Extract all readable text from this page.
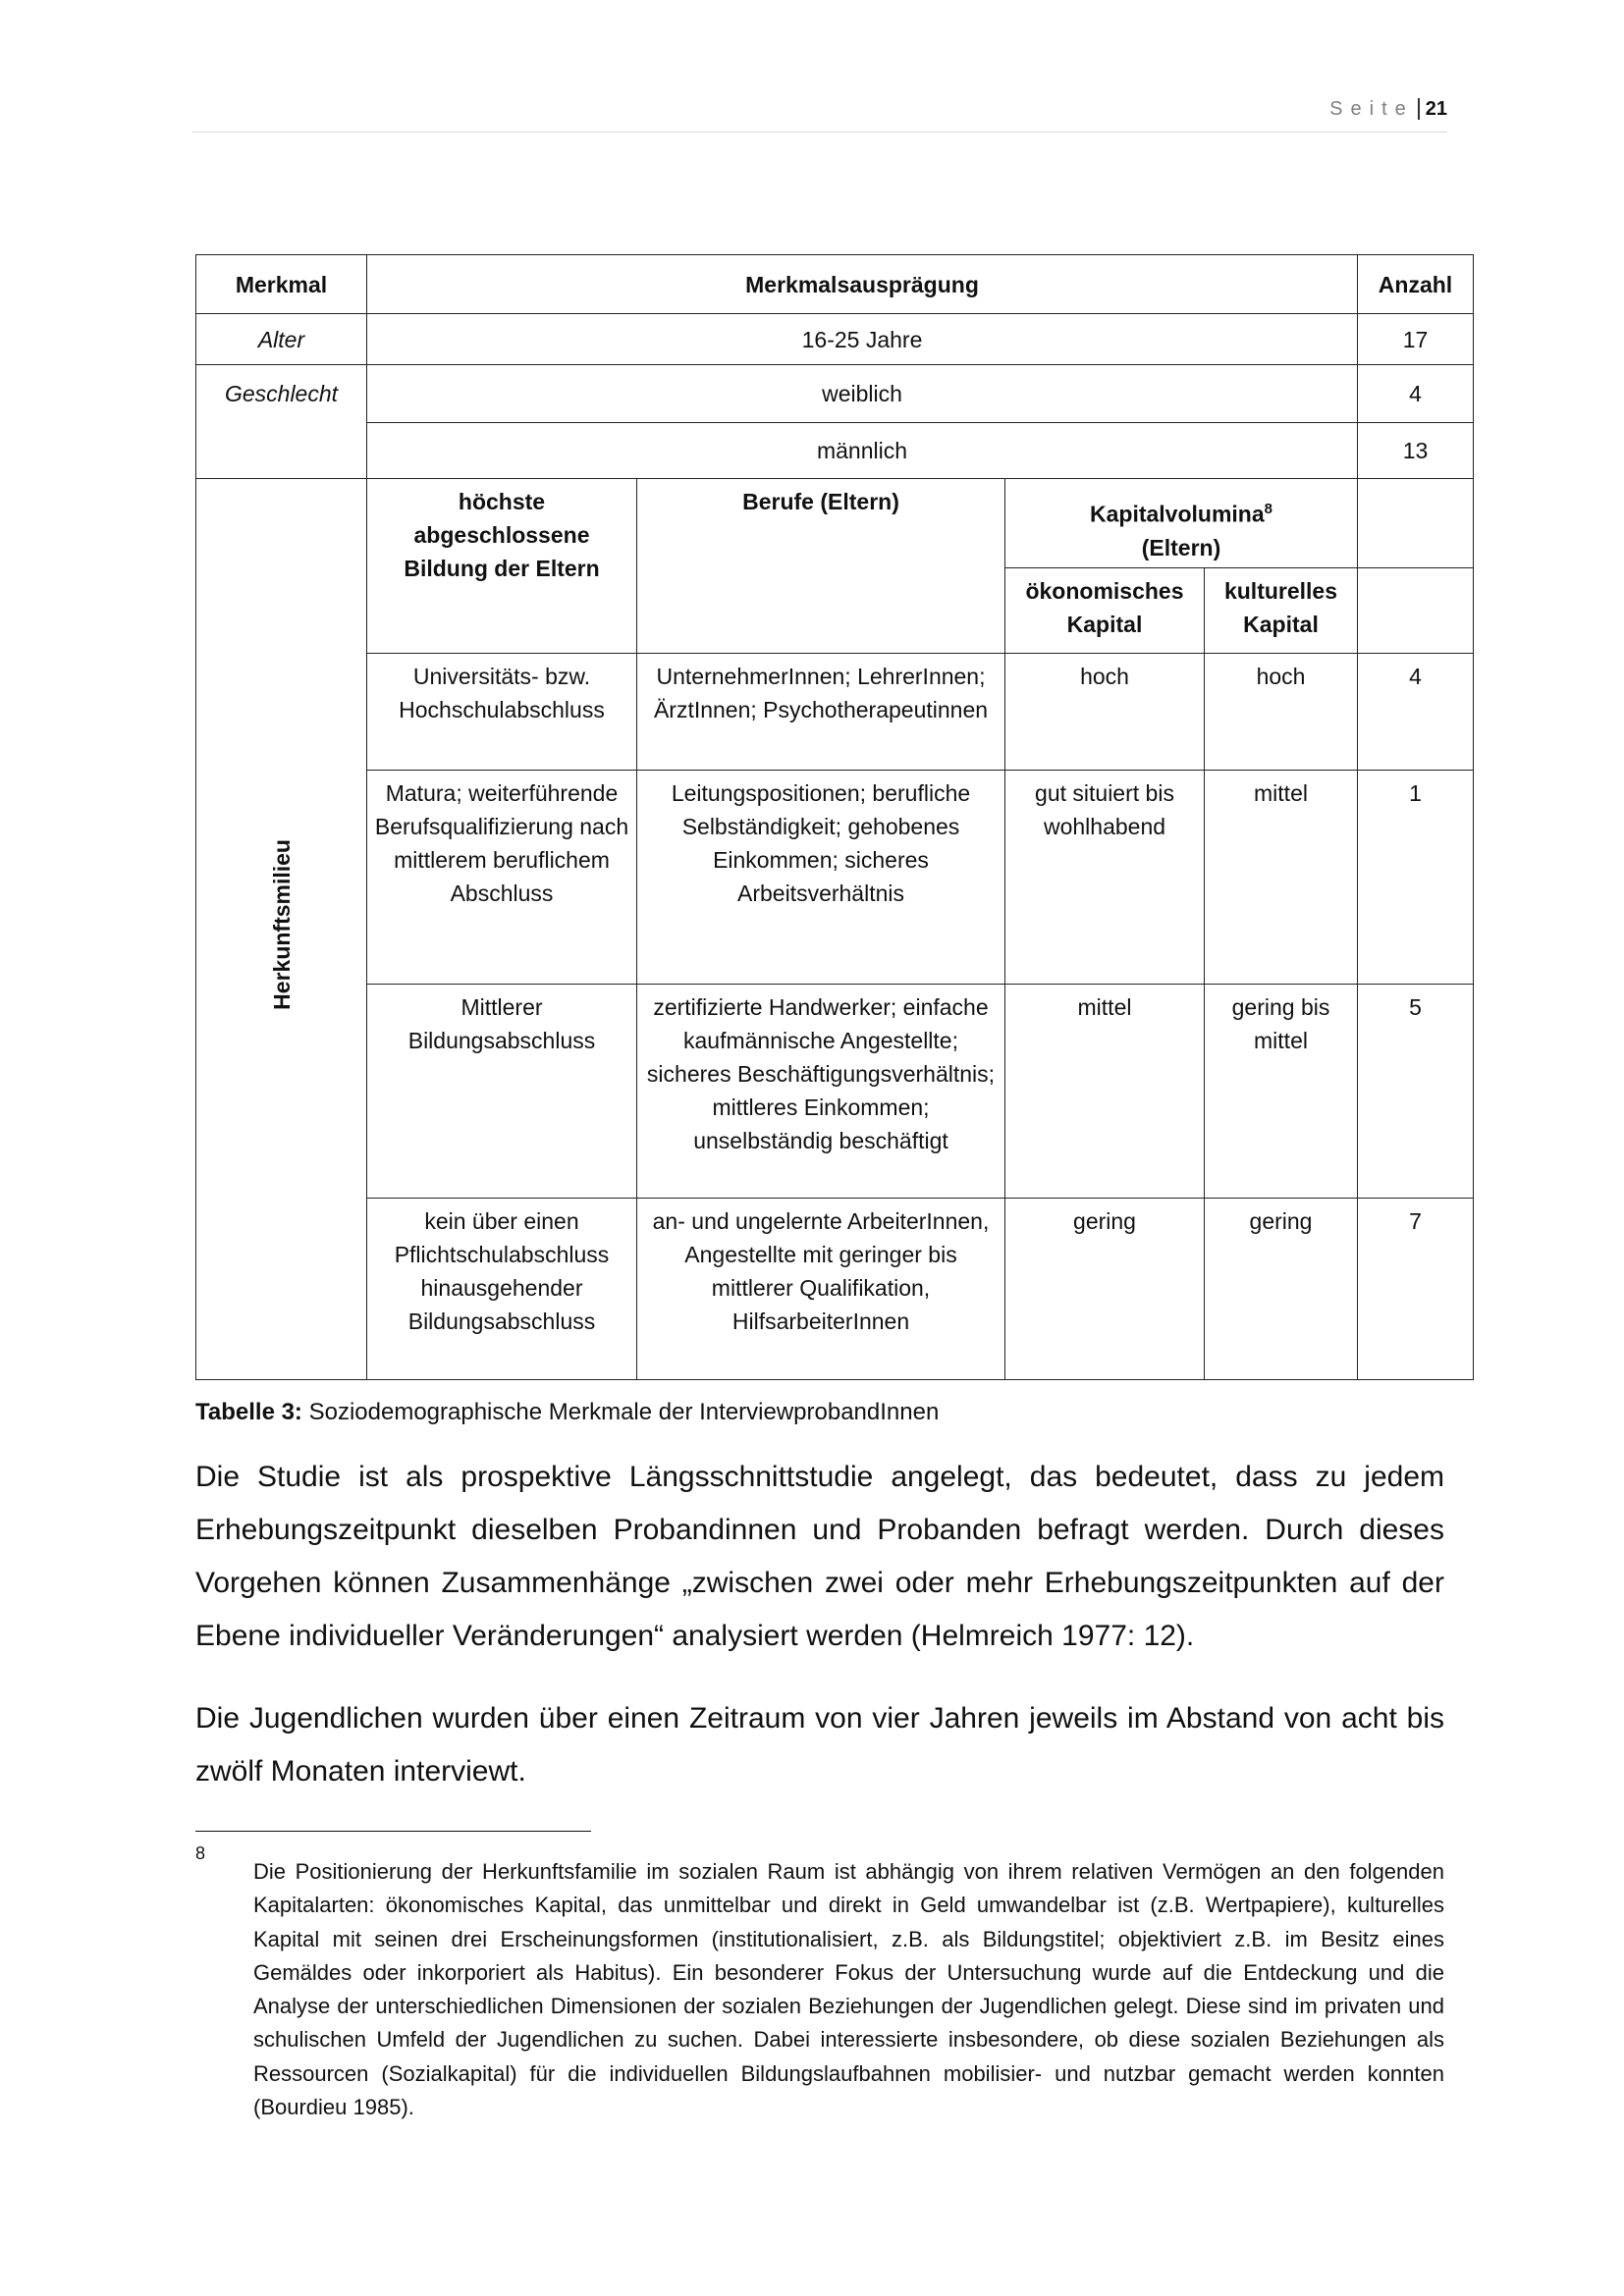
Seite 21
Merkmal	Merkmalsausprägung				Anzahl
Alter	16-25 Jahre				17
Geschlecht	weiblich				4
	männlich				13
Herkunftsmilieu	höchste abgeschlossene Bildung der Eltern	Berufe (Eltern)	Kapitalvolumina$^8$
(Eltern)		
			ökonomisches Kapital	kulturelles Kapital	
	Universitäts- bzw. Hochschulabschluss	UnternehmerInnen; LehrerInnen; ÄrztInnen; Psychotherapeutinnen	hoch	hoch	4
	Matura; weiterführende Berufsqualifizierung nach mittlerem beruflichem Abschluss	Leitungspositionen; berufliche Selbständigkeit; gehobenes Einkommen; sicheres Arbeitsverhältnis	gut situiert bis wohlhabend	mittel	1
	Mittlerer Bildungsabschluss	zertifizierte Handwerker; einfache kaufmännische Angestellte; sicheres Beschäftigungsverhältnis; mittleres Einkommen; unselbständig beschäftigt	mittel	gering bis mittel	5
	kein über einen Pflichtschulabschluss hinausgehender Bildungsabschluss	an- und ungelernte ArbeiterInnen, Angestellte mit geringer bis mittlerer Qualifikation, HilfsarbeiterInnen	gering	gering	7
Tabelle 3: Soziodemographische Merkmale der InterviewprobandInnen

Die Studie ist als prospektive Längsschnittstudie angelegt, das bedeutet, dass zu jedem Erhebungszeitpunkt dieselben Probandinnen und Probanden befragt werden. Durch dieses Vorgehen können Zusammenhänge „zwischen zwei oder mehr Erhebungszeitpunkten auf der Ebene individueller Veränderungen“ analysiert werden (Helmreich 1977: 12).

Die Jugendlichen wurden über einen Zeitraum von vier Jahren jeweils im Abstand von acht bis zwölf Monaten interviewt.

8

Die Positionierung der Herkunftsfamilie im sozialen Raum ist abhängig von ihrem relativen Vermögen an den folgenden Kapitalarten: ökonomisches Kapital, das unmittelbar und direkt in Geld umwandelbar ist (z.B. Wertpapiere), kulturelles Kapital mit seinen drei Erscheinungsformen (institutionalisiert, z.B. als Bildungstitel; objektiviert z.B. im Besitz eines Gemäldes oder inkorporiert als Habitus). Ein besonderer Fokus der Untersuchung wurde auf die Entdeckung und die Analyse der unterschiedlichen Dimensionen der sozialen Beziehungen der Jugendlichen gelegt. Diese sind im privaten und schulischen Umfeld der Jugendlichen zu suchen. Dabei interessierte insbesondere, ob diese sozialen Beziehungen als Ressourcen (Sozialkapital) für die individuellen Bildungslaufbahnen mobilisier- und nutzbar gemacht werden konnten (Bourdieu 1985).
